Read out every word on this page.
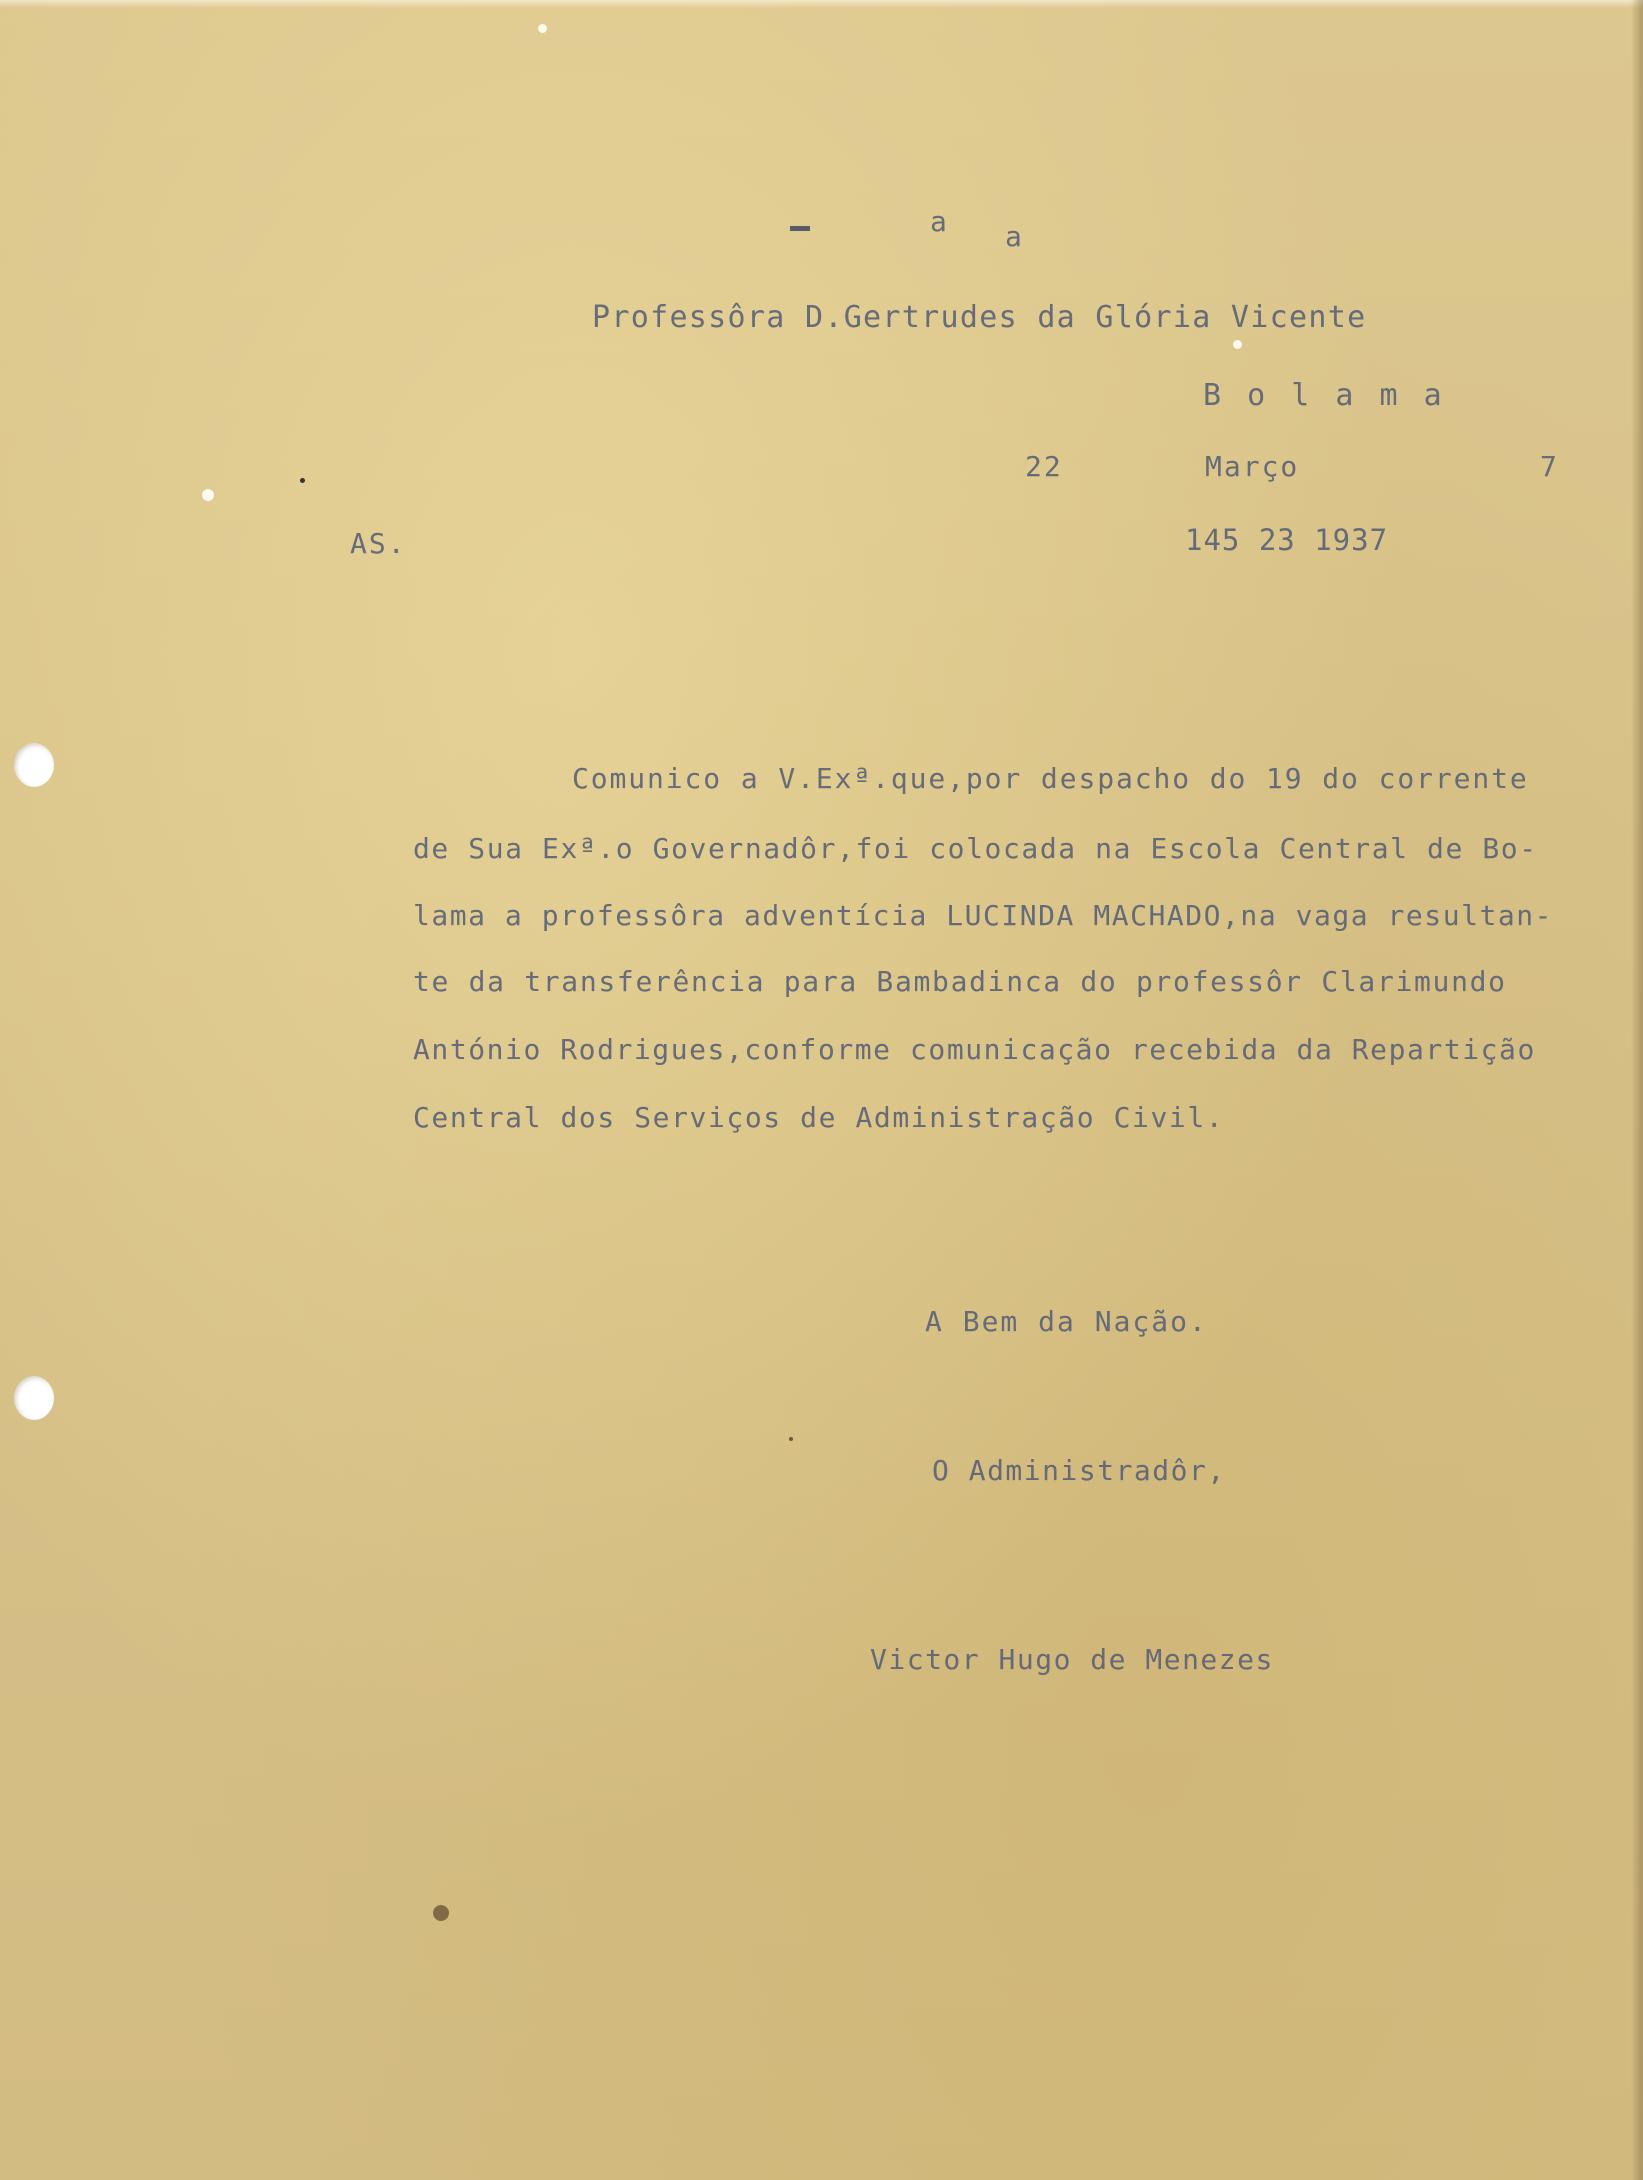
a a
Professôra D.Gertrudes da Glória Vicente
B o l a m a
22	Março	7
AS.	145 23 1937
Comunico a V.Exª.que,por despacho do 19 do corrente
de Sua Exª.o Governadôr,foi colocada na Escola Central de Bo-
lama a professôra adventícia LUCINDA MACHADO,na vaga resultan-
te da transferência para Bambadinca do professôr Clarimundo
António Rodrigues,conforme comunicação recebida da Repartição
Central dos Serviços de Administração Civil.
A Bem da Nação.
O Administradôr,
Victor Hugo de Menezes
